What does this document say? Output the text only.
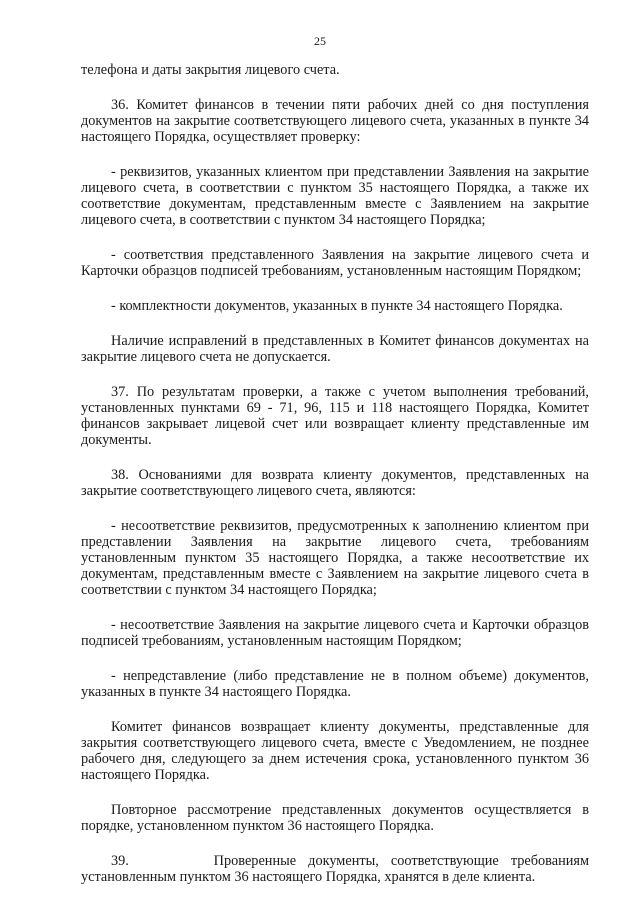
25

телефона и даты закрытия лицевого счета.

36. Комитет финансов в течении пяти рабочих дней со дня поступления документов на закрытие соответствующего лицевого счета, указанных в пункте 34 настоящего Порядка, осуществляет проверку:

- реквизитов, указанных клиентом при представлении Заявления на закрытие лицевого счета, в соответствии с пунктом 35 настоящего Порядка, а также их соответствие документам, представленным вместе с Заявлением на закрытие лицевого счета, в соответствии с пунктом 34 настоящего Порядка;

- соответствия представленного Заявления на закрытие лицевого счета и Карточки образцов подписей требованиям, установленным настоящим Порядком;

- комплектности документов, указанных в пункте 34 настоящего Порядка.

Наличие исправлений в представленных в Комитет финансов документах на закрытие лицевого счета не допускается.

37. По результатам проверки, а также с учетом выполнения требований, установленных пунктами 69 - 71, 96, 115 и 118 настоящего Порядка, Комитет финансов закрывает лицевой счет или возвращает клиенту представленные им документы.

38. Основаниями для возврата клиенту документов, представленных на закрытие соответствующего лицевого счета, являются:

- несоответствие реквизитов, предусмотренных к заполнению клиентом при представлении Заявления на закрытие лицевого счета, требованиям установленным пунктом 35 настоящего Порядка, а также несоответствие их документам, представленным вместе с Заявлением на закрытие лицевого счета в соответствии с пунктом 34 настоящего Порядка;

- несоответствие Заявления на закрытие лицевого счета и Карточки образцов подписей требованиям, установленным настоящим Порядком;

- непредставление (либо представление не в полном объеме) документов, указанных в пункте 34 настоящего Порядка.

Комитет финансов возвращает клиенту документы, представленные для закрытия соответствующего лицевого счета, вместе с Уведомлением, не позднее рабочего дня, следующего за днем истечения срока, установленного пунктом 36 настоящего Порядка.

Повторное рассмотрение представленных документов осуществляется в порядке, установленном пунктом 36 настоящего Порядка.

39.       Проверенные документы, соответствующие требованиям установленным пунктом 36 настоящего Порядка, хранятся в деле клиента.
